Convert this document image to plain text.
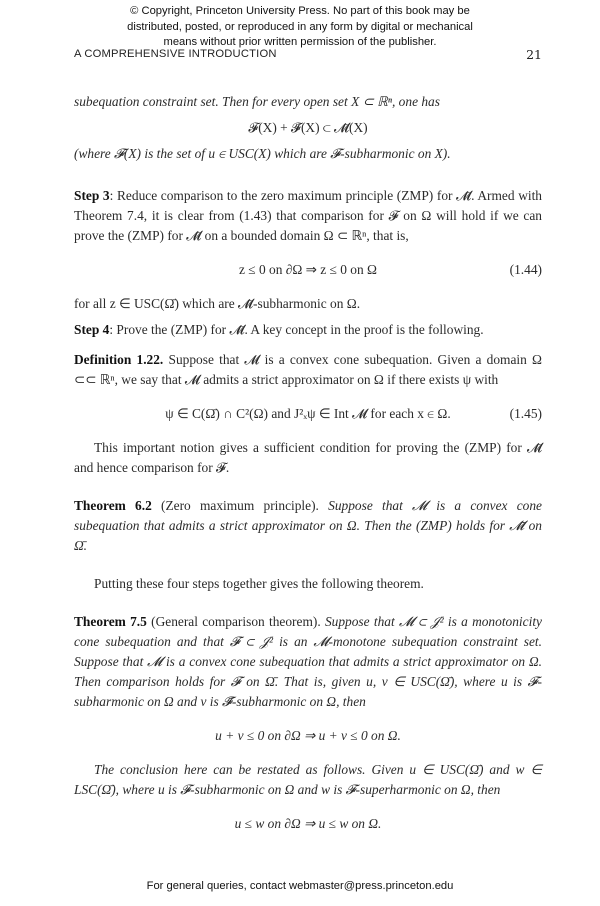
© Copyright, Princeton University Press. No part of this book may be
distributed, posted, or reproduced in any form by digital or mechanical
means without prior written permission of the publisher.
A COMPREHENSIVE INTRODUCTION	21

subequation constraint set. Then for every open set X ⊂ ℝⁿ, one has

𝓕(X) + 𝓕̃(X) ⊂ 𝓜̃(X)

(where 𝓕(X) is the set of u ∈ USC(X) which are 𝓕-subharmonic on X).

Step 3: Reduce comparison to the zero maximum principle (ZMP) for 𝓜̃. Armed with Theorem 7.4, it is clear from (1.43) that comparison for 𝓕 on Ω will hold if we can prove the (ZMP) for 𝓜̃ on a bounded domain Ω ⊂ ℝⁿ, that is,

z ≤ 0 on ∂Ω ⇒ z ≤ 0 on Ω	(1.44)

for all z ∈ USC(Ω̄) which are 𝓜̃-subharmonic on Ω.

Step 4: Prove the (ZMP) for 𝓜̃. A key concept in the proof is the following.

Definition 1.22. Suppose that 𝓜 is a convex cone subequation. Given a domain Ω ⊂⊂ ℝⁿ, we say that 𝓜 admits a strict approximator on Ω if there exists ψ with

ψ ∈ C(Ω̄) ∩ C²(Ω) and J²ₓψ ∈ Int 𝓜 for each x ∈ Ω.	(1.45)

This important notion gives a sufficient condition for proving the (ZMP) for 𝓜̃ and hence comparison for 𝓕.

Theorem 6.2 (Zero maximum principle). Suppose that 𝓜 is a convex cone subequation that admits a strict approximator on Ω. Then the (ZMP) holds for 𝓜̃ on Ω̄.

Putting these four steps together gives the following theorem.

Theorem 7.5 (General comparison theorem). Suppose that 𝓜 ⊂ 𝒥² is a monotonicity cone subequation and that 𝓕 ⊂ 𝒥² is an 𝓜-monotone subequation constraint set. Suppose that 𝓜 is a convex cone subequation that admits a strict approximator on Ω. Then comparison holds for 𝓕 on Ω̄. That is, given u, v ∈ USC(Ω̄), where u is 𝓕-subharmonic on Ω and v is 𝓕̃-subharmonic on Ω, then

u + v ≤ 0 on ∂Ω ⇒ u + v ≤ 0 on Ω.

The conclusion here can be restated as follows. Given u ∈ USC(Ω̄) and w ∈ LSC(Ω̄), where u is 𝓕-subharmonic on Ω and w is 𝓕-superharmonic on Ω, then

u ≤ w on ∂Ω ⇒ u ≤ w on Ω.
For general queries, contact webmaster@press.princeton.edu
